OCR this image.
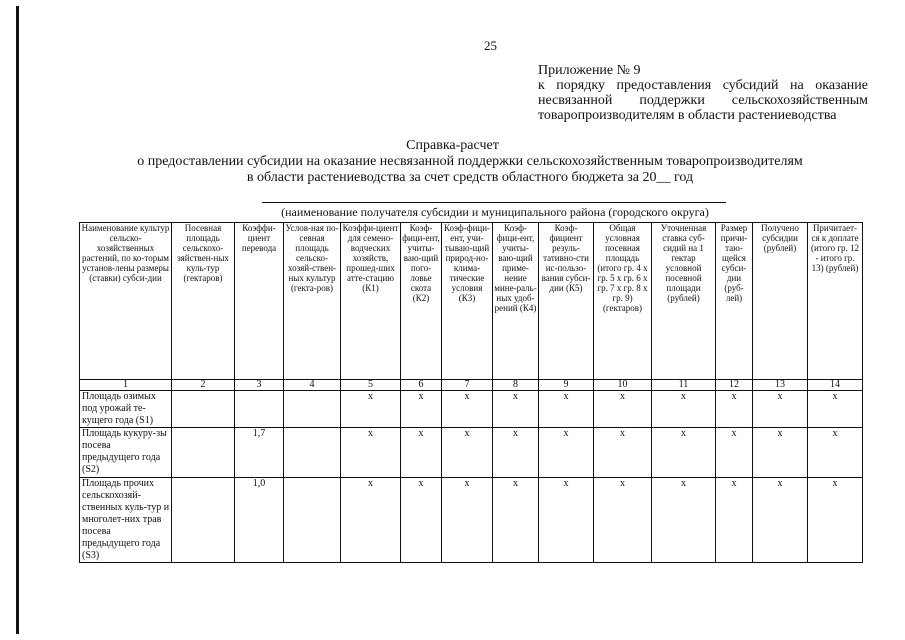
25
Приложение № 9
к порядку предоставления субсидий на оказание несвязанной поддержки сельскохозяйственным товаропроизводителям в области растениеводства
Справка-расчет
о предоставлении субсидии на оказание несвязанной поддержки сельскохозяйственным товаропроизводителям
в области растениеводства за счет средств областного бюджета за 20__ год
(наименование получателя субсидии и муниципального района (городского округа)
Наименование культур сельско-хозяйственных растений, по ко-торым установ-лены размеры (ставки) субси-дии	Посевная площадь сельскохо-зяйствен-ных куль-тур (гектаров)	Коэффи-циент перевода	Услов-ная по-севная площадь сельско-хозяй-ствен-ных культур (гекта-ров)	Коэффи-циент для семено-водческих хозяйств, прошед-ших атте-стацию (К1)	Коэф-фици-ент, учиты-ваю-щий пого-ловье скота (К2)	Коэф-фици-ент, учи-тываю-щий природ-но-клима-тические условия (К3)	Коэф-фици-ент, учиты-ваю-щий приме-нение мине-раль-ных удоб-рений (К4)	Коэф-фициент резуль-тативно-сти ис-пользо-вания субси-дии (К5)	Общая условная посевная площадь (итого гр. 4 х гр. 5 х гр. 6 х гр. 7 х гр. 8 х гр. 9) (гектаров)	Уточненная ставка суб-сидий на 1 гектар условной посевной площади (рублей)	Размер причи-таю-щейся субси-дии (руб-лей)	Получено субсидии (рублей)	Причитает-ся к доплате (итого гр. 12 - итого гр. 13) (рублей)
1	2	3	4	5	6	7	8	9	10	11	12	13	14
Площадь озимых под урожай те-кущего года (S1)				x	x	x	x	x	x	x	x	x	x
Площадь кукуру-зы посева предыдущего года (S2)		1,7		x	x	x	x	x	x	x	x	x	x
Площадь прочих сельскохозяй-ственных куль-тур и многолет-них трав посева предыдущего года (S3)		1,0		x	x	x	x	x	x	x	x	x	x
